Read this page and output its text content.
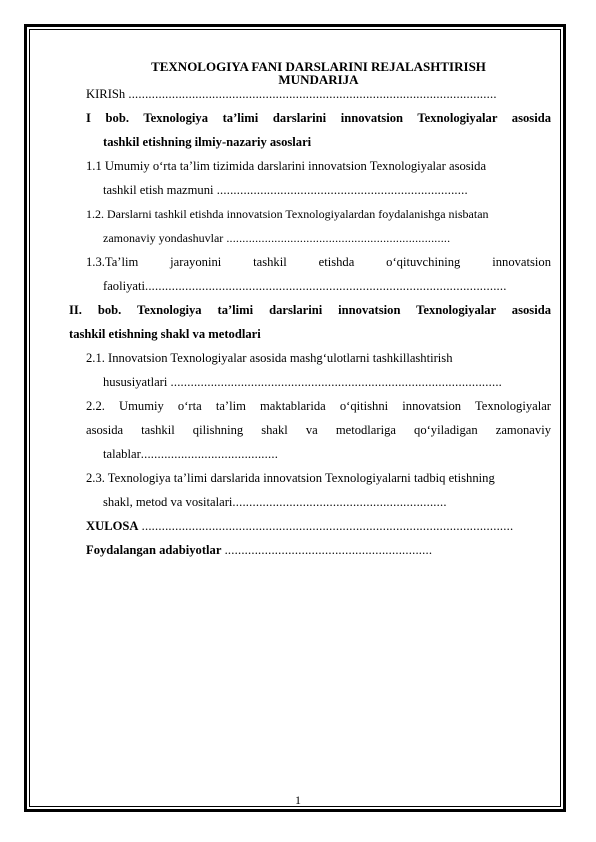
TEXNOLOGIYA FANI DARSLARINI REJALASHTIRISH
MUNDARIJA
KIRISh ..............................................................................................................
I bob. Texnologiya ta’limi darslarini innovatsion Texnologiyalar asosida
tashkil etishning ilmiy-nazariy asoslari
1.1 Umumiy o‘rta ta’lim tizimida darslarini innovatsion Texnologiyalar asosida
tashkil etish mazmuni ...........................................................................
1.2. Darslarni tashkil etishda innovatsion Texnologiyalardan foydalanishga nisbatan
zamonaviy yondashuvlar ......................................................................
1.3.Ta’lim jarayonini tashkil etishda o‘qituvchining innovatsion
faoliyati............................................................................................................
II. bob. Texnologiya ta’limi darslarini innovatsion Texnologiyalar asosida
tashkil etishning shakl va metodlari
2.1. Innovatsion Texnologiyalar asosida mashg‘ulotlarni tashkillashtirish
hususiyatlari ...................................................................................................
2.2. Umumiy o‘rta ta’lim maktablarida o‘qitishni innovatsion Texnologiyalar
asosida tashkil qilishning shakl va metodlariga qo‘yiladigan zamonaviy
talablar.........................................
2.3. Texnologiya ta’limi darslarida innovatsion Texnologiyalarni tadbiq etishning
shakl, metod va vositalari................................................................
XULOSA ...............................................................................................................
Foydalangan adabiyotlar ..............................................................
1
